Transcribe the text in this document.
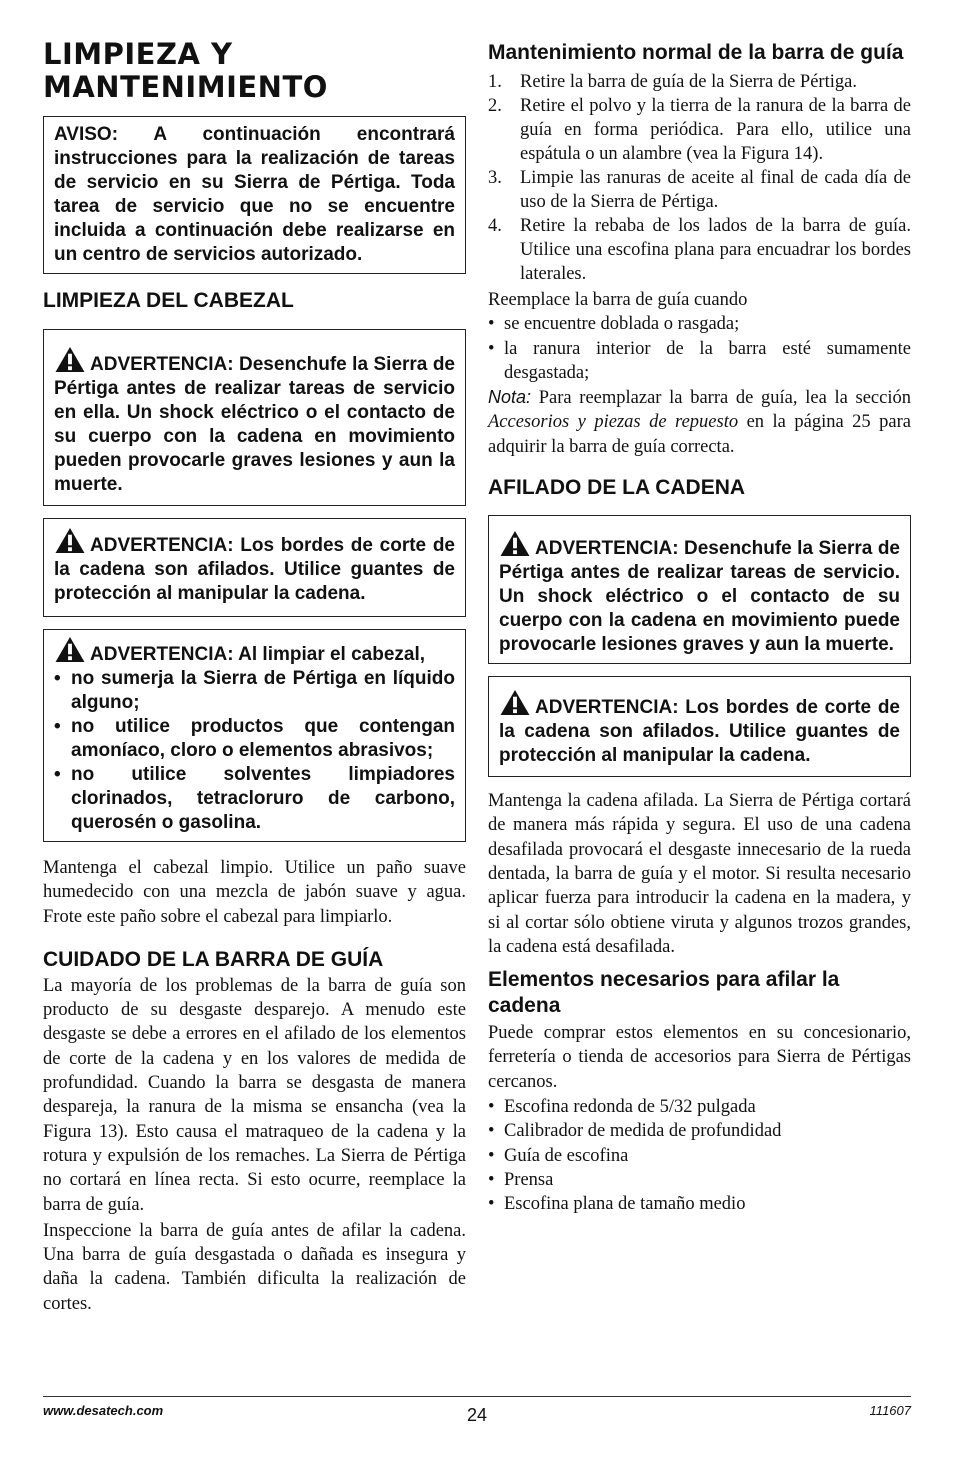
LIMPIEZA Y
MANTENIMIENTO
AVISO: A continuación encontrará instrucciones para la realización de tareas de servicio en su Sierra de Pértiga. Toda tarea de servicio que no se encuentre incluida a continuación debe realizarse en un centro de servicios autorizado.
LIMPIEZA DEL CABEZAL
ADVERTENCIA: Desenchufe la Sierra de Pértiga antes de realizar tareas de servicio en ella. Un shock eléctrico o el contacto de su cuerpo con la cadena en movimiento pueden provocarle graves lesiones y aun la muerte.
ADVERTENCIA: Los bordes de corte de la cadena son afilados. Utilice guantes de protección al manipular la cadena.
ADVERTENCIA: Al limpiar el cabezal,
• no sumerja la Sierra de Pértiga en líquido alguno;
• no utilice productos que contengan amoníaco, cloro o elementos abrasivos;
• no utilice solventes limpiadores clorinados, tetracloruro de carbono, querosén o gasolina.

Mantenga el cabezal limpio. Utilice un paño suave humedecido con una mezcla de jabón suave y agua. Frote este paño sobre el cabezal para limpiarlo.

CUIDADO DE LA BARRA DE GUÍA

La mayoría de los problemas de la barra de guía son producto de su desgaste desparejo. A menudo este desgaste se debe a errores en el afilado de los elementos de corte de la cadena y en los valores de medida de profundidad. Cuando la barra se desgasta de manera despareja, la ranura de la misma se ensancha (vea la Figura 13). Esto causa el matraqueo de la cadena y la rotura y expulsión de los remaches. La Sierra de Pértiga no cortará en línea recta. Si esto ocurre, reemplace la barra de guía.

Inspeccione la barra de guía antes de afilar la cadena. Una barra de guía desgastada o dañada es insegura y daña la cadena. También dificulta la realización de cortes.

Mantenimiento normal de la barra de guía
1. Retire la barra de guía de la Sierra de Pértiga.
2. Retire el polvo y la tierra de la ranura de la barra de guía en forma periódica. Para ello, utilice una espátula o un alambre (vea la Figura 14).
3. Limpie las ranuras de aceite al final de cada día de uso de la Sierra de Pértiga.
4. Retire la rebaba de los lados de la barra de guía. Utilice una escofina plana para encuadrar los bordes laterales.

Reemplace la barra de guía cuando

• se encuentre doblada o rasgada;
• la ranura interior de la barra esté sumamente desgastada;

Nota: Para reemplazar la barra de guía, lea la sección Accesorios y piezas de repuesto en la página 25 para adquirir la barra de guía correcta.

AFILADO DE LA CADENA
ADVERTENCIA: Desenchufe la Sierra de Pértiga antes de realizar tareas de servicio. Un shock eléctrico o el contacto de su cuerpo con la cadena en movimiento puede provocarle lesiones graves y aun la muerte.
ADVERTENCIA: Los bordes de corte de la cadena son afilados. Utilice guantes de protección al manipular la cadena.

Mantenga la cadena afilada. La Sierra de Pértiga cortará de manera más rápida y segura. El uso de una cadena desafilada provocará el desgaste innecesario de la rueda dentada, la barra de guía y el motor. Si resulta necesario aplicar fuerza para introducir la cadena en la madera, y si al cortar sólo obtiene viruta y algunos trozos grandes, la cadena está desafilada.

Elementos necesarios para afilar la cadena

Puede comprar estos elementos en su concesionario, ferretería o tienda de accesorios para Sierra de Pértigas cercanos.

• Escofina redonda de 5/32 pulgada
• Calibrador de medida de profundidad
• Guía de escofina
• Prensa
• Escofina plana de tamaño medio
www.desatech.com	24	111607
